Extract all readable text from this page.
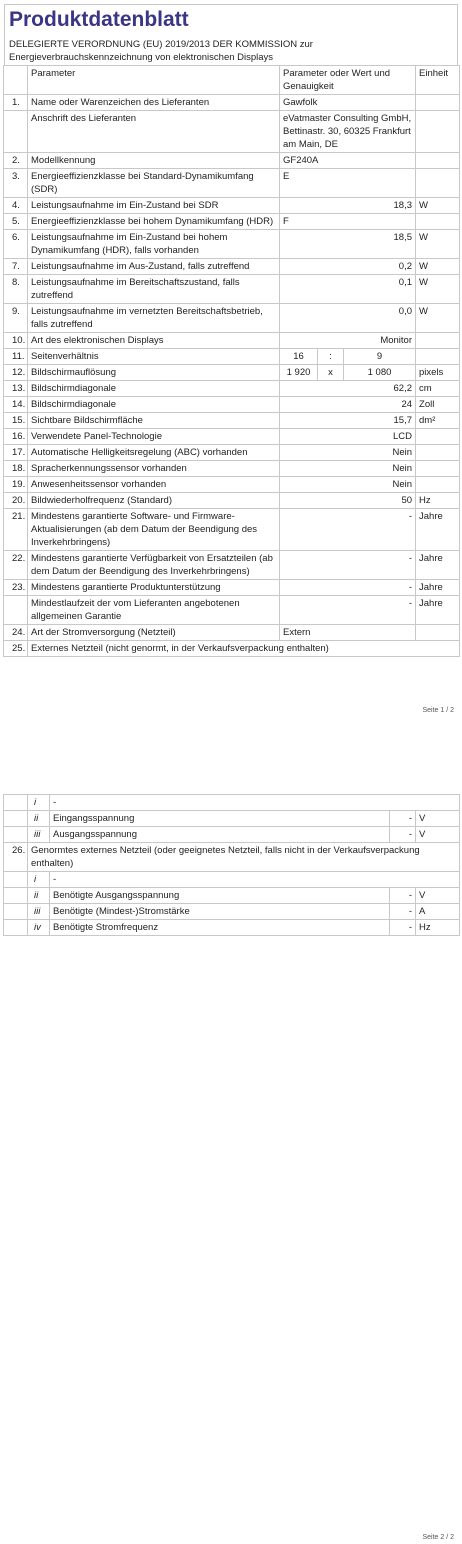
Produktdatenblatt
DELEGIERTE VERORDNUNG (EU) 2019/2013 DER KOMMISSION zur Energieverbrauchskennzeichnung von elektronischen Displays
	Parameter	Parameter oder Wert und Genauigkeit			Einheit
1.	Name oder Warenzeichen des Lieferanten	Gawfolk			
	Anschrift des Lieferanten	eVatmaster Consulting GmbH, Bettinastr. 30, 60325 Frankfurt am Main, DE			
2.	Modellkennung	GF240A			
3.	Energieeffizienzklasse bei Standard-Dynamikumfang (SDR)	E			
4.	Leistungsaufnahme im Ein-Zustand bei SDR	18,3			W
5.	Energieeffizienzklasse bei hohem Dynamikumfang (HDR)	F			
6.	Leistungsaufnahme im Ein-Zustand bei hohem Dynamikumfang (HDR), falls vorhanden	18,5			W
7.	Leistungsaufnahme im Aus-Zustand, falls zutreffend	0,2			W
8.	Leistungsaufnahme im Bereitschaftszustand, falls zutreffend	0,1			W
9.	Leistungsaufnahme im vernetzten Bereitschaftsbetrieb, falls zutreffend	0,0			W
10.	Art des elektronischen Displays	Monitor			
11.	Seitenverhältnis	16	:	9	
12.	Bildschirmauflösung	1 920	x	1 080	pixels
13.	Bildschirmdiagonale	62,2			cm
14.	Bildschirmdiagonale	24			Zoll
15.	Sichtbare Bildschirmfläche	15,7			dm²
16.	Verwendete Panel-Technologie	LCD			
17.	Automatische Helligkeitsregelung (ABC) vorhanden	Nein			
18.	Spracherkennungssensor vorhanden	Nein			
19.	Anwesenheitssensor vorhanden	Nein			
20.	Bildwiederholfrequenz (Standard)	50			Hz
21.	Mindestens garantierte Software- und Firmware-Aktualisierungen (ab dem Datum der Beendigung des Inverkehrbringens)	-			Jahre
22.	Mindestens garantierte Verfügbarkeit von Ersatzteilen (ab dem Datum der Beendigung des Inverkehrbringens)	-			Jahre
23.	Mindestens garantierte Produktunterstützung	-			Jahre
	Mindestlaufzeit der vom Lieferanten angebotenen allgemeinen Garantie	-			Jahre
24.	Art der Stromversorgung (Netzteil)	Extern			
25.	Externes Netzteil (nicht genormt, in der Verkaufsverpackung enthalten)				
Seite 1 / 2
	i	-		
	ii	Eingangsspannung	-	V
	iii	Ausgangsspannung	-	V
26.	Genormtes externes Netzteil (oder geeignetes Netzteil, falls nicht in der Verkaufsverpackung enthalten)			
	i	-		
	ii	Benötigte Ausgangsspannung	-	V
	iii	Benötigte (Mindest-)Stromstärke	-	A
	iv	Benötigte Stromfrequenz	-	Hz
Seite 2 / 2
